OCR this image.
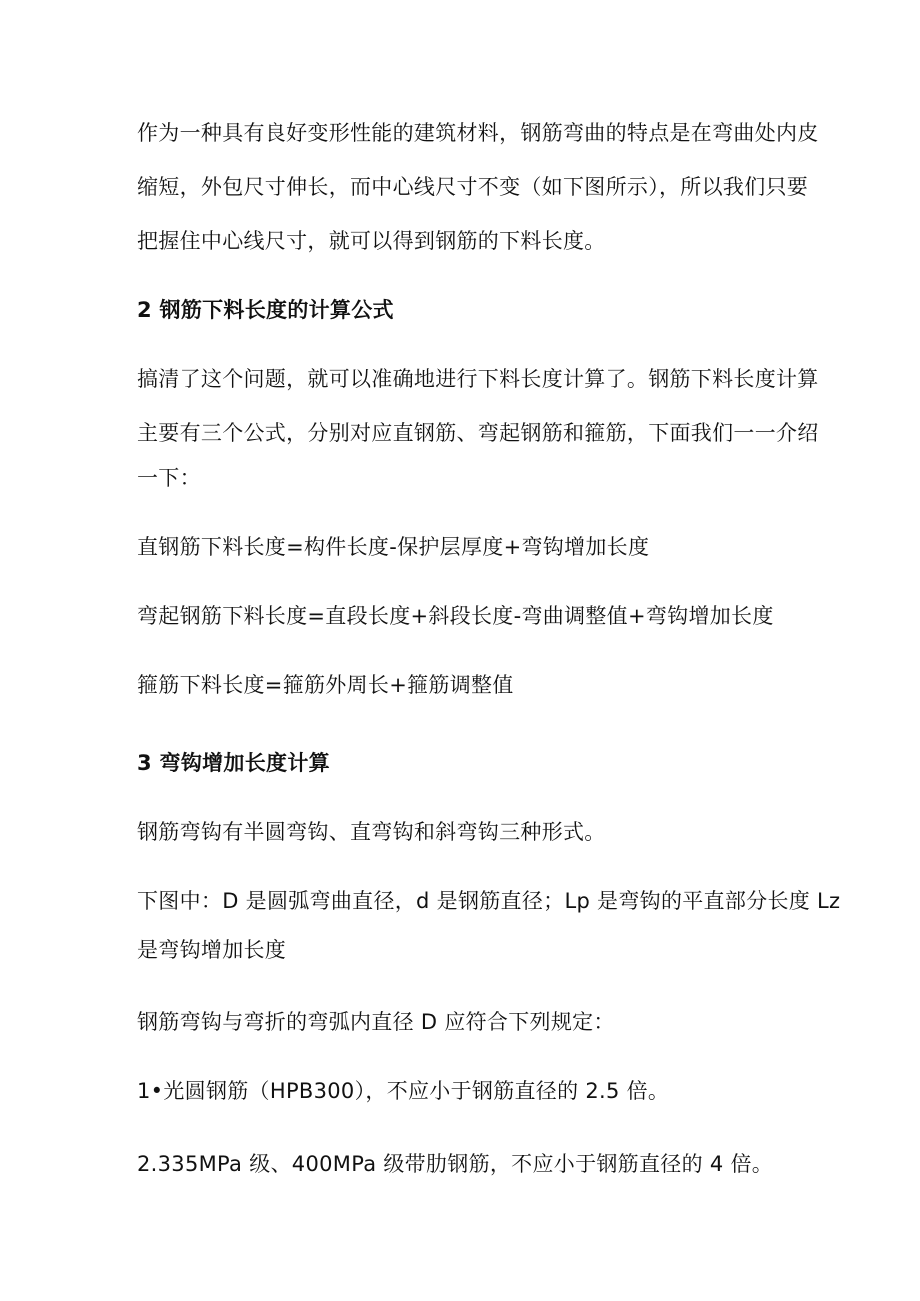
作为一种具有良好变形性能的建筑材料，钢筋弯曲的特点是在弯曲处内皮
缩短，外包尺寸伸长，而中心线尺寸不变（如下图所示），所以我们只要
把握住中心线尺寸，就可以得到钢筋的下料长度。
2 钢筋下料长度的计算公式
搞清了这个问题，就可以准确地进行下料长度计算了。钢筋下料长度计算
主要有三个公式，分别对应直钢筋、弯起钢筋和箍筋，下面我们一一介绍
一下：
直钢筋下料长度=构件长度-保护层厚度+弯钩增加长度
弯起钢筋下料长度=直段长度+斜段长度-弯曲调整值+弯钩增加长度
箍筋下料长度=箍筋外周长+箍筋调整值
3 弯钩增加长度计算
钢筋弯钩有半圆弯钩、直弯钩和斜弯钩三种形式。
下图中：D 是圆弧弯曲直径，d 是钢筋直径；Lp 是弯钩的平直部分长度 Lz
是弯钩增加长度
钢筋弯钩与弯折的弯弧内直径 D 应符合下列规定：
1•光圆钢筋（HPB300），不应小于钢筋直径的 2.5 倍。
2.335MPa 级、400MPa 级带肋钢筋，不应小于钢筋直径的 4 倍。
